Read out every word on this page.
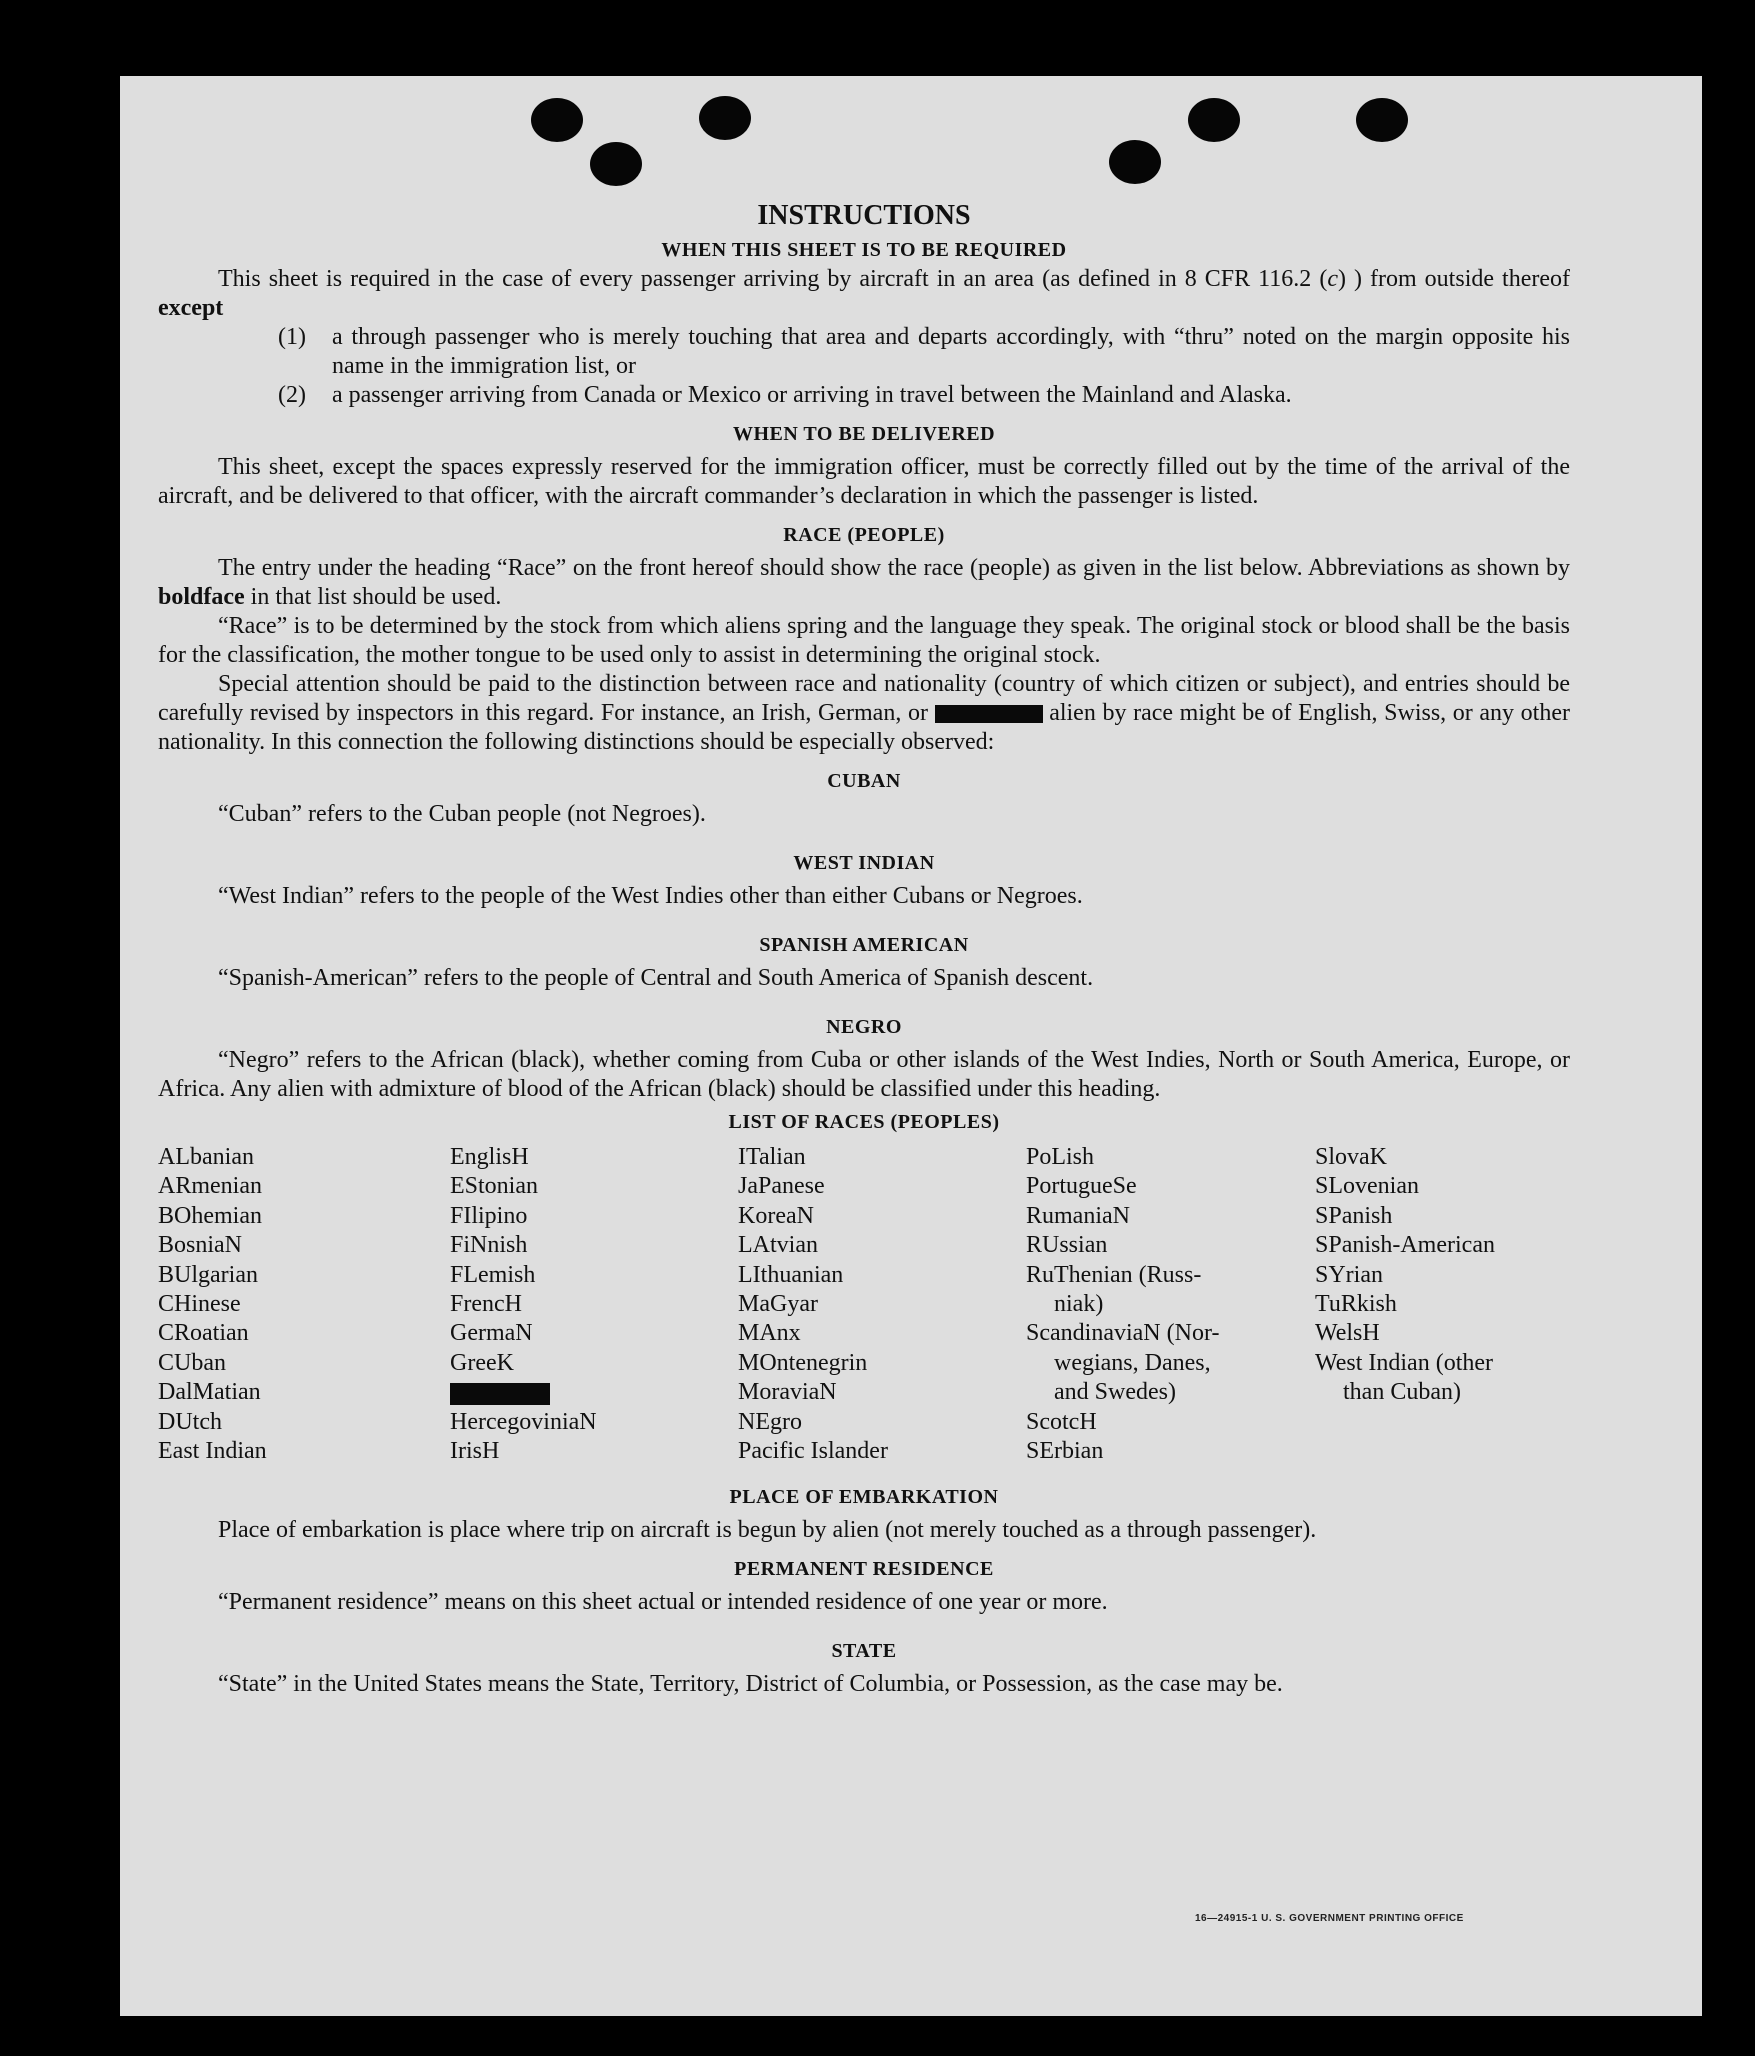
INSTRUCTIONS
WHEN THIS SHEET IS TO BE REQUIRED

This sheet is required in the case of every passenger arriving by aircraft in an area (as defined in 8 CFR 116.2 (c) ) from outside thereof except

(1)	a through passenger who is merely touching that area and departs accordingly, with “thru” noted on the margin opposite his name in the immigration list, or
(2)	a passenger arriving from Canada or Mexico or arriving in travel between the Mainland and Alaska.
WHEN TO BE DELIVERED

This sheet, except the spaces expressly reserved for the immigration officer, must be correctly filled out by the time of the arrival of the aircraft, and be delivered to that officer, with the aircraft commander’s declaration in which the passenger is listed.

RACE (PEOPLE)

The entry under the heading “Race” on the front hereof should show the race (people) as given in the list below. Abbreviations as shown by boldface in that list should be used.

“Race” is to be determined by the stock from which aliens spring and the language they speak. The original stock or blood shall be the basis for the classification, the mother tongue to be used only to assist in determining the original stock.

Special attention should be paid to the distinction between race and nationality (country of which citizen or subject), and entries should be carefully revised by inspectors in this regard. For instance, an Irish, German, or	alien by race might be of English, Swiss, or any other nationality. In this connection the following distinctions should be especially observed:

CUBAN

“Cuban” refers to the Cuban people (not Negroes).

WEST INDIAN

“West Indian” refers to the people of the West Indies other than either Cubans or Negroes.

SPANISH AMERICAN

“Spanish-American” refers to the people of Central and South America of Spanish descent.

NEGRO

“Negro” refers to the African (black), whether coming from Cuba or other islands of the West Indies, North or South America, Europe, or Africa. Any alien with admixture of blood of the African (black) should be classified under this heading.

LIST OF RACES (PEOPLES)
ALbanian
ARmenian
BOhemian
BosniaN
BUlgarian
CHinese
CRoatian
CUban
DalMatian
DUtch
East Indian
EnglisH
EStonian
FIlipino
FiNnish
FLemish
FrencH
GermaN
GreeK
HercegoviniaN
IrisH
ITalian
JaPanese
KoreaN
LAtvian
LIthuanian
MaGyar
MAnx
MOntenegrin
MoraviaN
NEgro
Pacific Islander
PoLish
PortugueSe
RumaniaN
RUssian
RuThenian (Russ-
niak)
ScandinaviaN (Nor-
wegians, Danes,
and Swedes)
ScotcH
SErbian
SlovaK
SLovenian
SPanish
SPanish-American
SYrian
TuRkish
WelsH
West Indian (other
than Cuban)
PLACE OF EMBARKATION

Place of embarkation is place where trip on aircraft is begun by alien (not merely touched as a through passenger).

PERMANENT RESIDENCE

“Permanent residence” means on this sheet actual or intended residence of one year or more.

STATE

“State” in the United States means the State, Territory, District of Columbia, or Possession, as the case may be.

16—24915-1 U. S. GOVERNMENT PRINTING OFFICE
